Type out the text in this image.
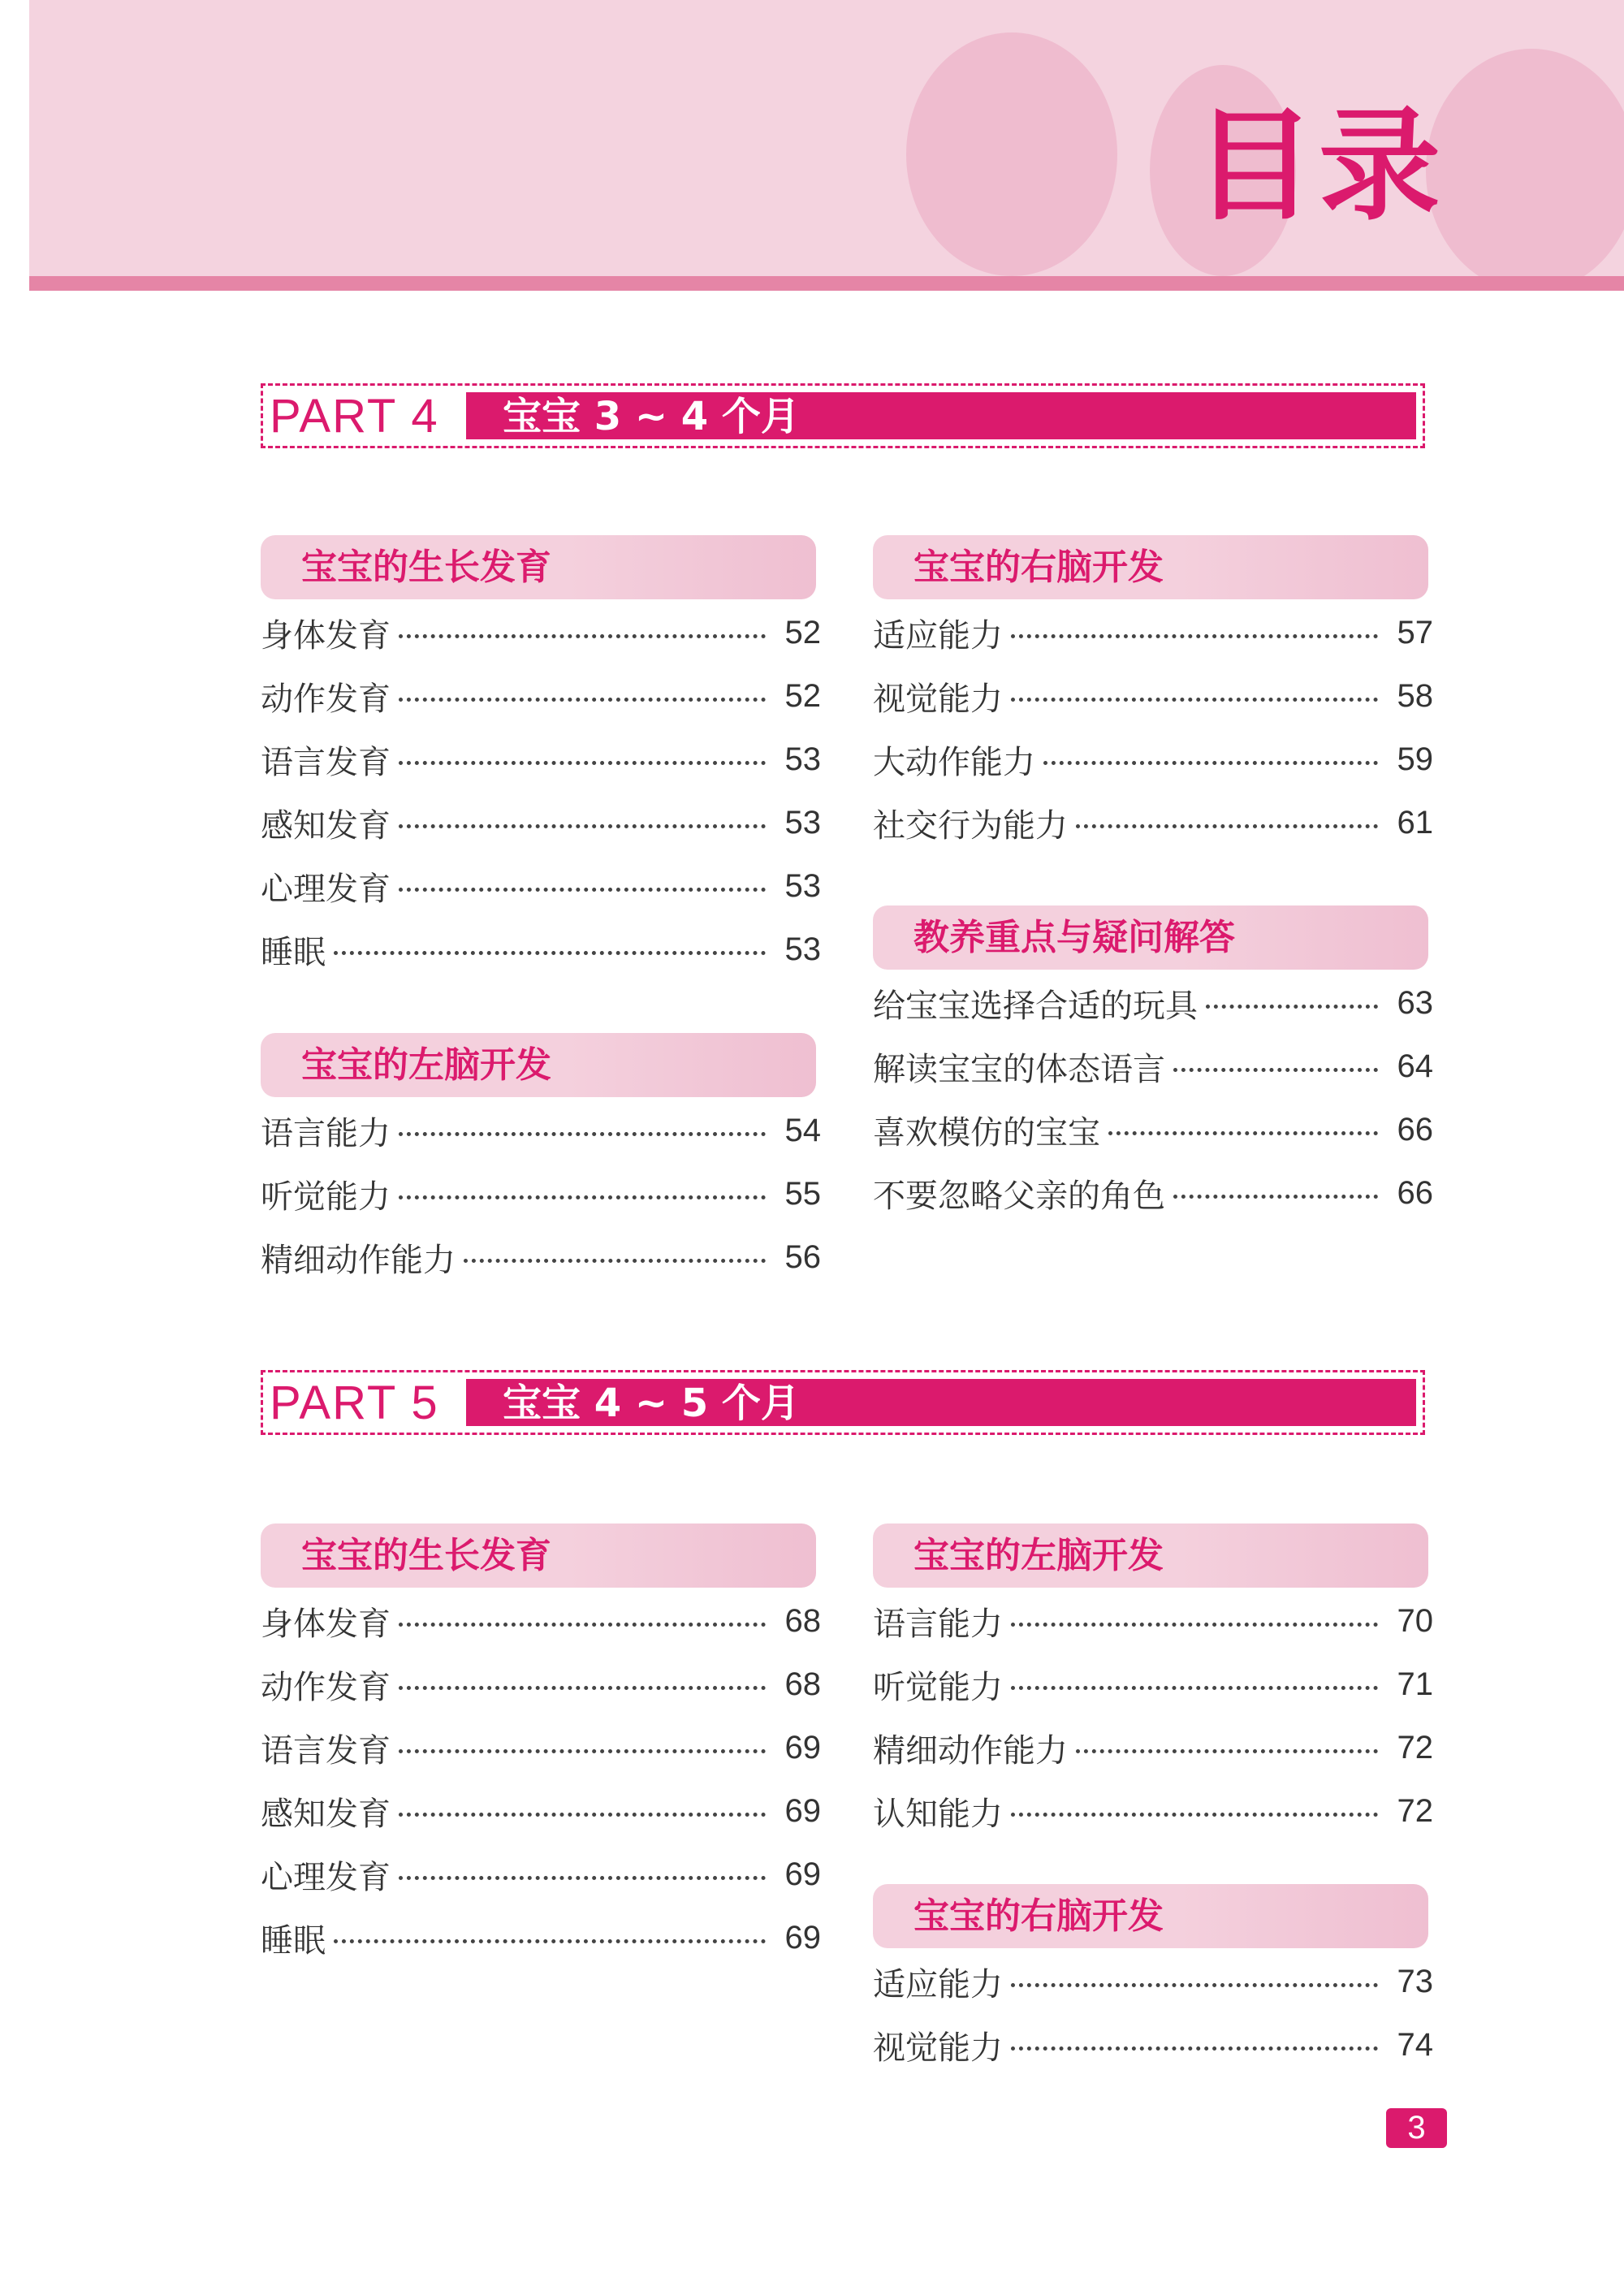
目录
PART 4	宝宝 3 ~ 4 个月
宝宝的生长发育
身体发育	52
动作发育	52
语言发育	53
感知发育	53
心理发育	53
睡眠	53
宝宝的左脑开发
语言能力	54
听觉能力	55
精细动作能力	56
宝宝的右脑开发
适应能力	57
视觉能力	58
大动作能力	59
社交行为能力	61
教养重点与疑问解答
给宝宝选择合适的玩具	63
解读宝宝的体态语言	64
喜欢模仿的宝宝	66
不要忽略父亲的角色	66
PART 5	宝宝 4 ~ 5 个月
宝宝的生长发育
身体发育	68
动作发育	68
语言发育	69
感知发育	69
心理发育	69
睡眠	69
宝宝的左脑开发
语言能力	70
听觉能力	71
精细动作能力	72
认知能力	72
宝宝的右脑开发
适应能力	73
视觉能力	74
3
